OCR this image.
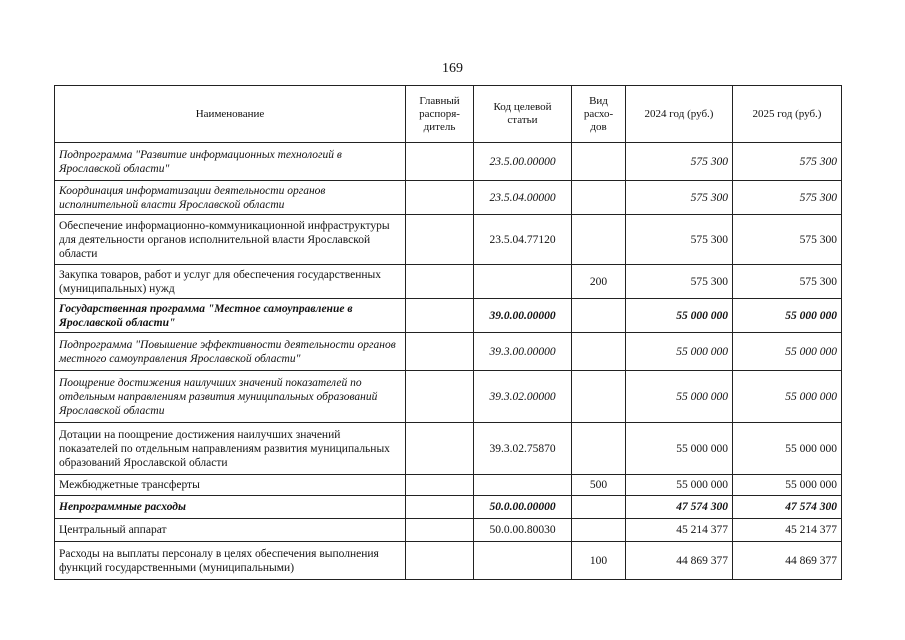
169
Наименование	Главный распоря-дитель	Код целевой статьи	Вид расхо-дов	2024 год (руб.)	2025 год (руб.)
Подпрограмма "Развитие информационных технологий в Ярославской области"		23.5.00.00000		575 300	575 300
Координация информатизации деятельности органов исполнительной власти Ярославской области		23.5.04.00000		575 300	575 300
Обеспечение информационно-коммуникационной инфраструктуры для деятельности органов исполнительной власти Ярославской области		23.5.04.77120		575 300	575 300
Закупка товаров, работ и услуг для обеспечения государственных (муниципальных) нужд			200	575 300	575 300
Государственная программа "Местное самоуправление в Ярославской области"		39.0.00.00000		55 000 000	55 000 000
Подпрограмма "Повышение эффективности деятельности органов местного самоуправления Ярославской области"		39.3.00.00000		55 000 000	55 000 000
Поощрение достижения наилучших значений показателей по отдельным направлениям развития муниципальных образований Ярославской области		39.3.02.00000		55 000 000	55 000 000
Дотации на поощрение достижения наилучших значений показателей по отдельным направлениям развития муниципальных образований Ярославской области		39.3.02.75870		55 000 000	55 000 000
Межбюджетные трансферты			500	55 000 000	55 000 000
Непрограммные расходы		50.0.00.00000		47 574 300	47 574 300
Центральный аппарат		50.0.00.80030		45 214 377	45 214 377
Расходы на выплаты персоналу в целях обеспечения выполнения функций государственными (муниципальными)			100	44 869 377	44 869 377
